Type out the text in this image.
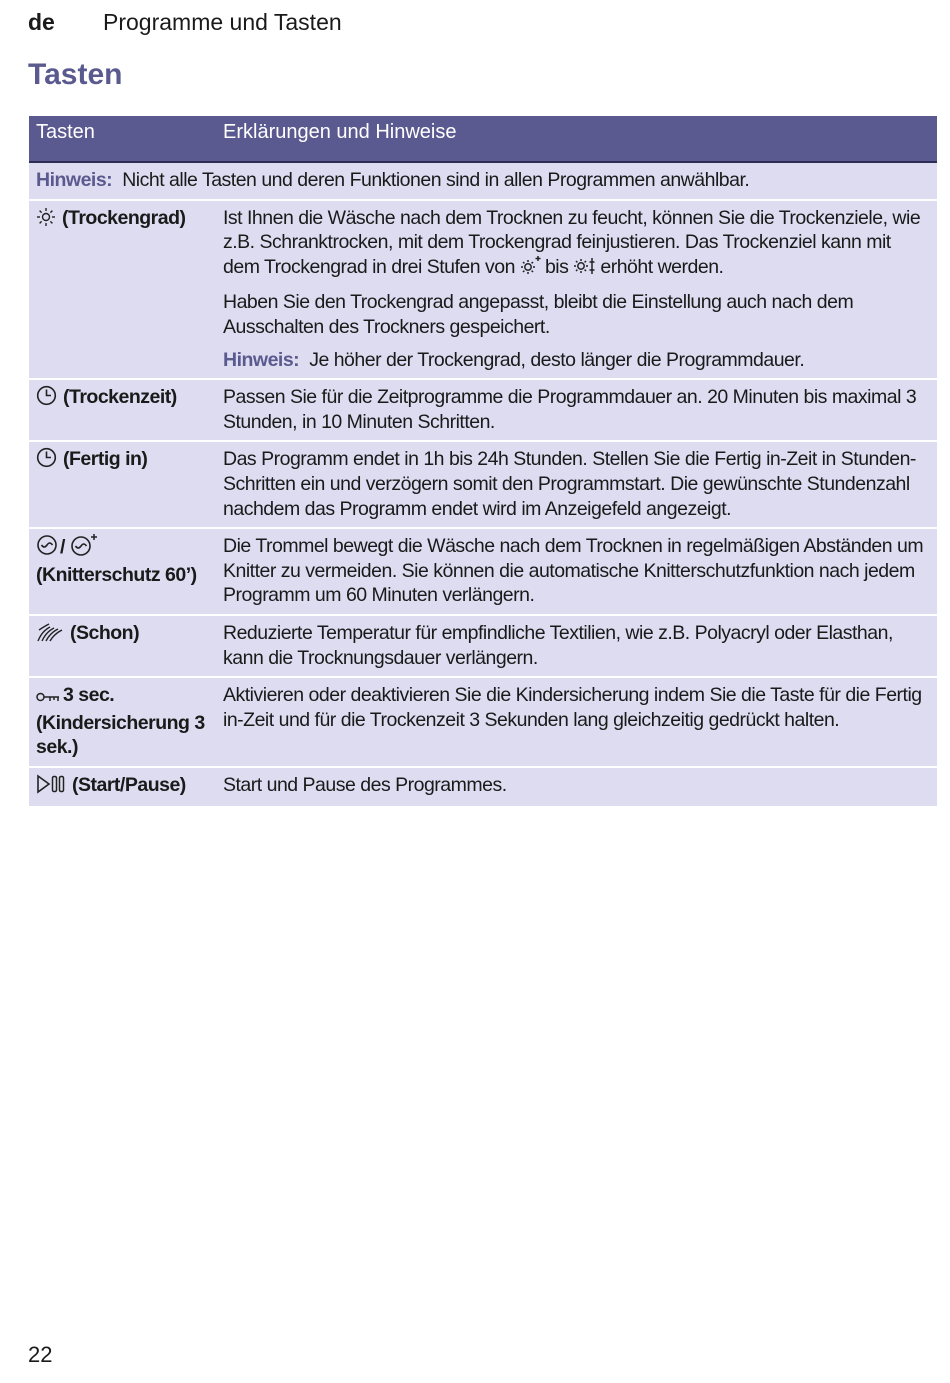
de	Programme und Tasten
Tasten
Tasten	Erklärungen und Hinweise
Hinweis: Nicht alle Tasten und deren Funktionen sind in allen Programmen anwählbar.	
(Trockengrad)	Ist Ihnen die Wäsche nach dem Trocknen zu feucht, können Sie die Trockenziele, wie z.B. Schranktrocken, mit dem Trockengrad feinjustieren. Das Trockenziel kann mit dem Trockengrad in drei Stufen von bis erhöht werden.

Haben Sie den Trockengrad angepasst, bleibt die Einstellung auch nach dem Ausschalten des Trockners gespeichert.

Hinweis: Je höher der Trockengrad, desto länger die Programmdauer.

(Trockenzeit)	Passen Sie für die Zeitprogramme die Programmdauer an. 20 Minuten bis maximal 3 Stunden, in 10 Minuten Schritten.
(Fertig in)	Das Programm endet in 1h bis 24h Stunden. Stellen Sie die Fertig in-Zeit in Stunden-Schritten ein und verzögern somit den Programmstart. Die gewünschte Stundenzahl nachdem das Programm endet wird im Anzeigefeld angezeigt.
/
(Knitterschutz 60’)	Die Trommel bewegt die Wäsche nach dem Trocknen in regelmäßigen Abständen um Knitter zu vermeiden. Sie können die automatische Knitterschutzfunktion nach jedem Programm um 60 Minuten verlängern.
(Schon)	Reduzierte Temperatur für empfindliche Textilien, wie z.B. Polyacryl oder Elasthan, kann die Trocknungsdauer verlängern.
3 sec. (Kindersicherung 3 sek.)	Aktivieren oder deaktivieren Sie die Kindersicherung indem Sie die Taste für die Fertig in-Zeit und für die Trockenzeit 3 Sekunden lang gleichzeitig gedrückt halten.
(Start/Pause)	Start und Pause des Programmes.
22
